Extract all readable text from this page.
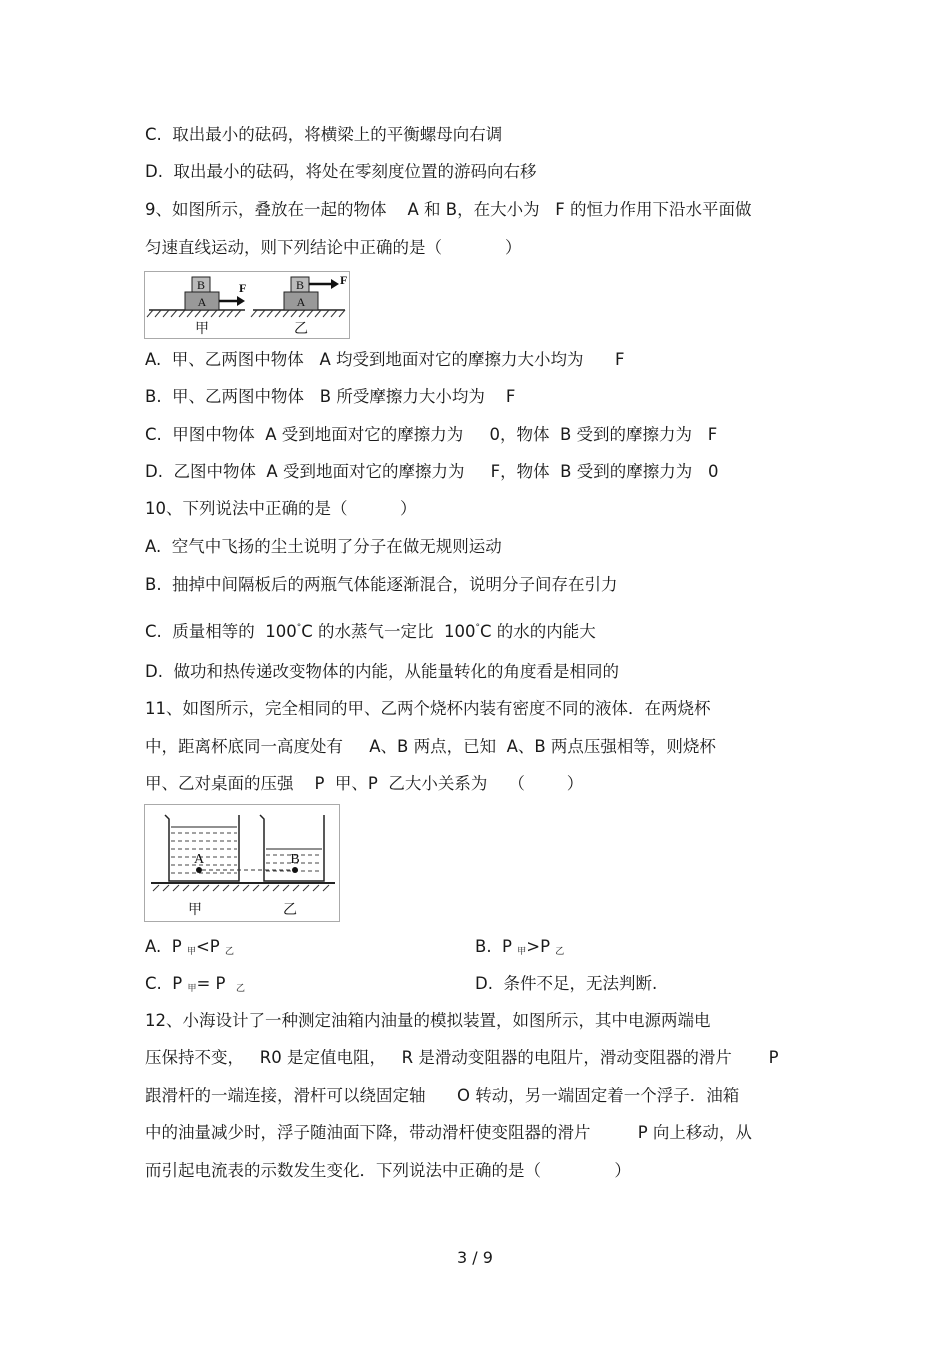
C.  取出最小的砝码，将横梁上的平衡螺母向右调
D.  取出最小的砝码，将处在零刻度位置的游码向右移
9、如图所示，叠放在一起的物体    A 和 B，在大小为   F 的恒力作用下沿水平面做
匀速直线运动，则下列结论中正确的是（            ）
A
B	F
甲
A
B	F
乙
A.  甲、乙两图中物体   A 均受到地面对它的摩擦力大小均为      F
B.  甲、乙两图中物体   B 所受摩擦力大小均为    F
C.  甲图中物体  A 受到地面对它的摩擦力为     0，物体  B 受到的摩擦力为   F
D.  乙图中物体  A 受到地面对它的摩擦力为     F，物体  B 受到的摩擦力为   0
10、下列说法中正确的是（          ）
A.  空气中飞扬的尘土说明了分子在做无规则运动
B.  抽掉中间隔板后的两瓶气体能逐渐混合，说明分子间存在引力
C.  质量相等的  100°C 的水蒸气一定比  100°C 的水的内能大
D.  做功和热传递改变物体的内能，从能量转化的角度看是相同的
11、如图所示，完全相同的甲、乙两个烧杯内装有密度不同的液体．在两烧杯
中，距离杯底同一高度处有     A、B 两点，已知  A、B 两点压强相等，则烧杯
甲、乙对桌面的压强    P  甲、P  乙大小关系为    （        ）
A	B
甲	乙
A.  P $_甲$<P $_乙$	B.  P $_甲$>P $_乙$
C.  P $_甲$= P  $_乙$	D.  条件不足，无法判断.
12、小海设计了一种测定油箱内油量的模拟装置，如图所示，其中电源两端电
压保持不变，   R0 是定值电阻，   R 是滑动变阻器的电阻片，滑动变阻器的滑片       P
跟滑杆的一端连接，滑杆可以绕固定轴      O 转动，另一端固定着一个浮子．油箱
中的油量减少时，浮子随油面下降，带动滑杆使变阻器的滑片         P 向上移动，从
而引起电流表的示数发生变化．下列说法中正确的是（              ）
3 / 9
